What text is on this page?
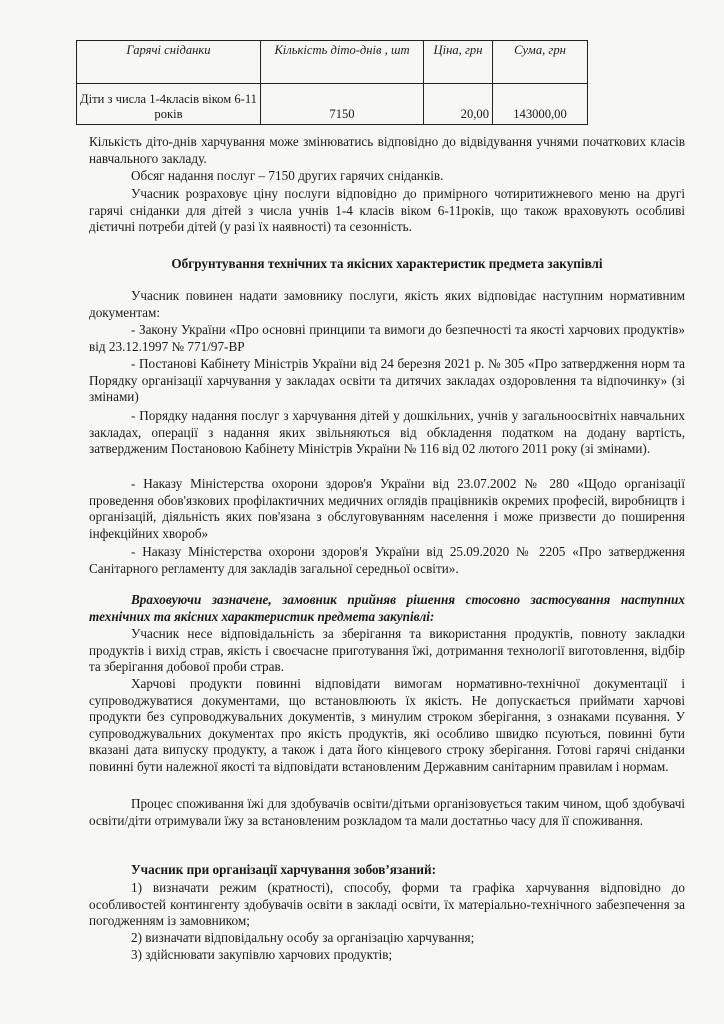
Гарячі сніданки	Кількість діто-днів , шт	Ціна, грн	Сума, грн
Діти з числа 1-4класів віком 6-11 років	7150	20,00	143000,00

Кількість діто-днів харчування може змінюватись відповідно до відвідування учнями початкових класів навчального закладу.

Обсяг надання послуг – 7150 других гарячих сніданків.

Учасник розраховує ціну послуги відповідно до примірного чотиритижневого меню на другі гарячі сніданки для дітей з числа учнів 1-4 класів віком 6-11років, що також враховують особливі дієтичні потреби дітей (у разі їх наявності) та сезонність.

Обгрунтування технічних та якісних характеристик предмета закупівлі

Учасник повинен надати замовнику послуги, якість яких відповідає наступним нормативним документам:

- Закону України «Про основні принципи та вимоги до безпечності та якості харчових продуктів» від 23.12.1997 № 771/97-ВР

- Постанові Кабінету Міністрів України від 24 березня 2021 р. № 305 «Про затвердження норм та Порядку організації харчування у закладах освіти та дитячих закладах оздоровлення та відпочинку» (зі змінами)

- Порядку надання послуг з харчування дітей у дошкільних, учнів у загальноосвітніх навчальних закладах, операції з надання яких звільняються від обкладення податком на додану вартість, затвердженим Постановою Кабінету Міністрів України № 116 від 02 лютого 2011 року (зі змінами).

- Наказу Міністерства охорони здоров'я України від 23.07.2002 № 280 «Щодо організації проведення обов'язкових профілактичних медичних оглядів працівників окремих професій, виробництв і організацій, діяльність яких пов'язана з обслуговуванням населення і може призвести до поширення інфекційних хвороб»

- Наказу Міністерства охорони здоров'я України від 25.09.2020 № 2205 «Про затвердження Санітарного регламенту для закладів загальної середньої освіти».

Враховуючи зазначене, замовник прийняв рішення стосовно застосування наступних технічних та якісних характеристик предмета закупівлі:

Учасник несе відповідальність за зберігання та використання продуктів, повноту закладки продуктів і вихід страв, якість і своєчасне приготування їжі, дотримання технології виготовлення, відбір та зберігання добової проби страв.

Харчові продукти повинні відповідати вимогам нормативно-технічної документації і супроводжуватися документами, що встановлюють їх якість. Не допускається приймати харчові продукти без супроводжувальних документів, з минулим строком зберігання, з ознаками псування. У супроводжувальних документах про якість продуктів, які особливо швидко псуються, повинні бути вказані дата випуску продукту, а також і дата його кінцевого строку зберігання. Готові гарячі сніданки повинні бути належної якості та відповідати встановленим Державним санітарним правилам і нормам.

Процес споживання їжі для здобувачів освіти/дітьми організовується таким чином, щоб здобувачі освіти/діти отримували їжу за встановленим розкладом та мали достатньо часу для її споживання.

Учасник при організації харчування зобов’язаний:

1) визначати режим (кратності), способу, форми та графіка харчування відповідно до особливостей контингенту здобувачів освіти в закладі освіти, їх матеріально-технічного забезпечення за погодженням із замовником;

2) визначати відповідальну особу за організацію харчування;

3) здійснювати закупівлю харчових продуктів;
